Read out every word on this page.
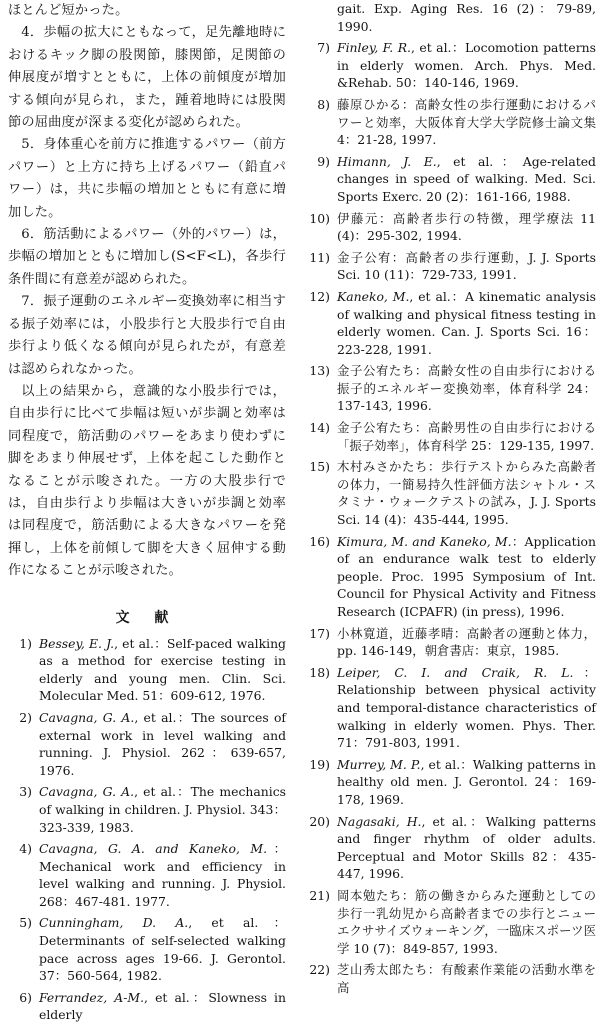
ほとんど短かった。

4．歩幅の拡大にともなって，足先離地時におけるキック脚の股関節，膝関節，足関節の伸展度が増すとともに，上体の前傾度が増加する傾向が見られ，また，踵着地時には股関節の屈曲度が深まる変化が認められた。

5．身体重心を前方に推進するパワー（前方パワー）と上方に持ち上げるパワー（鉛直パワー）は，共に歩幅の増加とともに有意に増加した。

6．筋活動によるパワー（外的パワー）は，歩幅の増加とともに増加し(S<F<L)，各歩行条件間に有意差が認められた。

7．振子運動のエネルギー変換効率に相当する振子効率には，小股歩行と大股歩行で自由歩行より低くなる傾向が見られたが，有意差は認められなかった。

以上の結果から，意識的な小股歩行では，自由歩行に比べて歩幅は短いが歩調と効率は同程度で，筋活動のパワーをあまり使わずに脚をあまり伸展せず，上体を起こした動作となることが示唆された。一方の大股歩行では，自由歩行より歩幅は大きいが歩調と効率は同程度で，筋活動による大きなパワーを発揮し，上体を前傾して脚を大きく屈伸する動作になることが示唆された。

文 献
1) Bessey, E. J., et al.：Self-paced walking as a method for exercise testing in elderly and young men. Clin. Sci. Molecular Med. 51：609-612, 1976.
2) Cavagna, G. A., et al.：The sources of external work in level walking and running. J. Physiol. 262：639-657, 1976.
3) Cavagna, G. A., et al.：The mechanics of walking in children. J. Physiol. 343：323-339, 1983.
4) Cavagna, G. A. and Kaneko, M.：Mechanical work and efficiency in level walking and running. J. Physiol. 268：467-481. 1977.
5) Cunningham, D. A., et al.：Determinants of self-selected walking pace across ages 19-66. J. Gerontol. 37：560-564, 1982.
6) Ferrandez, A-M., et al.：Slowness in elderly
gait. Exp. Aging Res. 16 (2)：79-89, 1990.
7) Finley, F. R., et al.：Locomotion patterns in elderly women. Arch. Phys. Med. &Rehab. 50：140-146, 1969.
8) 藤原ひかる：高齢女性の歩行運動におけるパワーと効率，大阪体育大学大学院修士論文集 4：21-28, 1997.
9) Himann, J. E., et al.：Age-related changes in speed of walking. Med. Sci. Sports Exerc. 20 (2)：161-166, 1988.
10) 伊藤元：高齢者歩行の特徴，理学療法 11 (4)：295-302, 1994.
11) 金子公宥：高齢者の歩行運動，J. J. Sports Sci. 10 (11)：729-733, 1991.
12) Kaneko, M., et al.：A kinematic analysis of walking and physical fitness testing in elderly women. Can. J. Sports Sci. 16：223-228, 1991.
13) 金子公宥たち：高齢女性の自由歩行における振子的エネルギー変換効率，体育科学 24：137-143, 1996.
14) 金子公宥たち：高齢男性の自由歩行における「振子効率」，体育科学 25：129-135, 1997.
15) 木村みさかたち：歩行テストからみた高齢者の体力，一簡易持久性評価方法シャトル・スタミナ・ウォークテストの試み，J. J. Sports Sci. 14 (4)：435-444, 1995.
16) Kimura, M. and Kaneko, M.：Application of an endurance walk test to elderly people. Proc. 1995 Symposium of Int. Council for Physical Activity and Fitness Research (ICPAFR) (in press), 1996.
17) 小林寛道，近藤孝晴：高齢者の運動と体力，pp. 146-149，朝倉書店：東京，1985.
18) Leiper, C. I. and Craik, R. L.：Relationship between physical activity and temporal-distance characteristics of walking in elderly women. Phys. Ther. 71：791-803, 1991.
19) Murrey, M. P., et al.：Walking patterns in healthy old men. J. Gerontol. 24：169-178, 1969.
20) Nagasaki, H., et al.：Walking patterns and finger rhythm of older adults. Perceptual and Motor Skills 82：435-447, 1996.
21) 岡本勉たち：筋の働きからみた運動としての歩行一乳幼児から高齢者までの歩行とニューエクササイズウォーキング，一臨床スポーツ医学 10 (7)：849-857, 1993.
22) 芝山秀太郎たち：有酸素作業能の活動水準を高
